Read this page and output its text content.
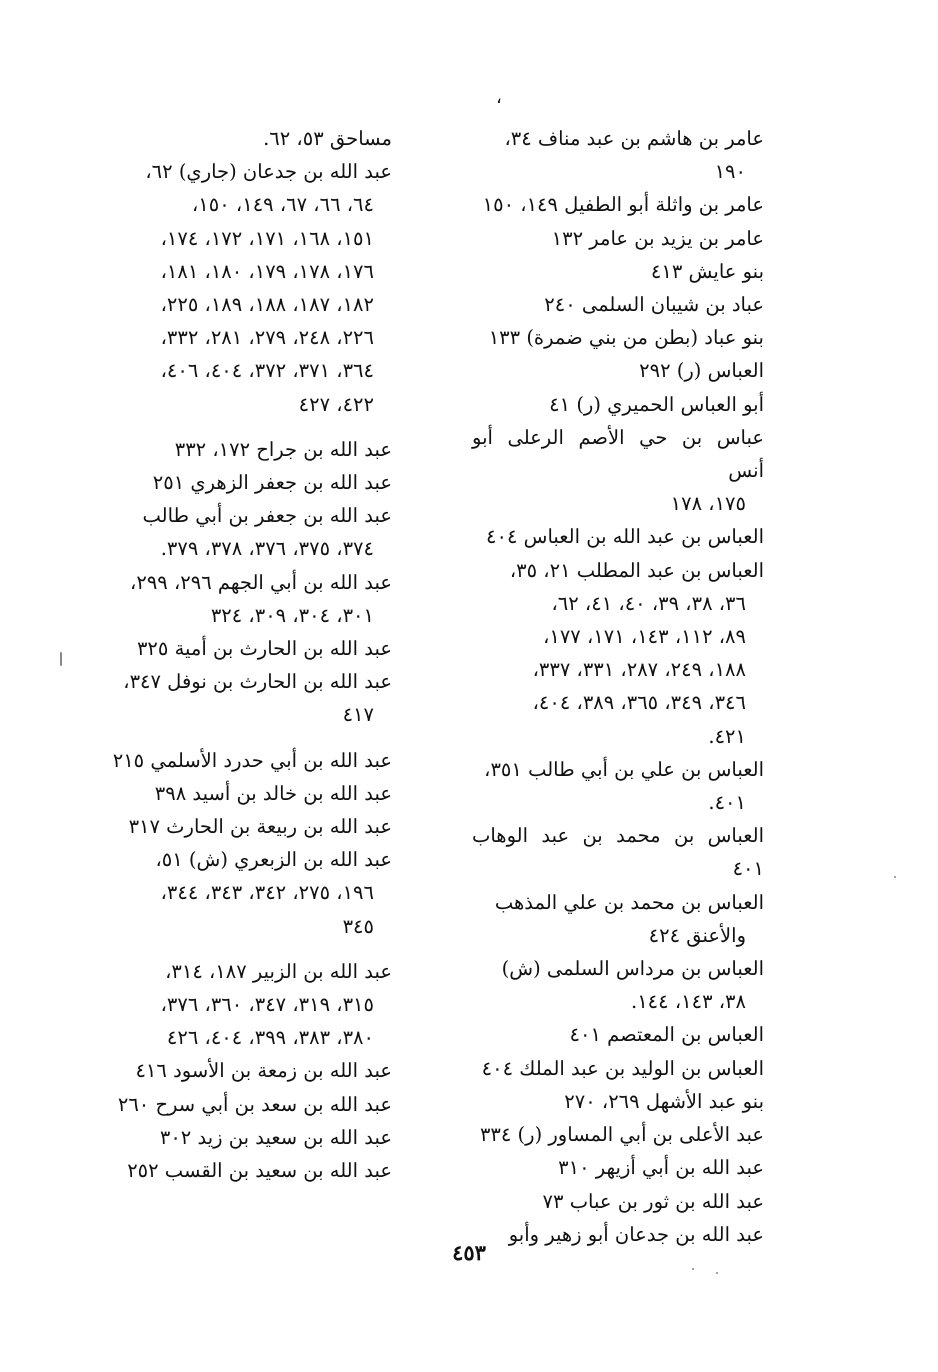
،
عامر بن هاشم بن عبد مناف ٣٤،
١٩٠
عامر بن واثلة أبو الطفيل ١٤٩، ١٥٠
عامر بن يزيد بن عامر ١٣٢
بنو عايش ٤١٣
عباد بن شيبان السلمى ٢٤٠
بنو عباد (بطن من بني ضمرة) ١٣٣
العباس (ر) ٢٩٢
أبو العباس الحميري (ر) ٤١
عباس بن حي الأصم الرعلى أبو أنس
١٧٥، ١٧٨
العباس بن عبد الله بن العباس ٤٠٤
العباس بن عبد المطلب ٢١، ٣٥،
٣٦، ٣٨، ٣٩، ٤٠، ٤١، ٦٢،
٨٩، ١١٢، ١٤٣، ١٧١، ١٧٧،
١٨٨، ٢٤٩، ٢٨٧، ٣٣١، ٣٣٧،
٣٤٦، ٣٤٩، ٣٦٥، ٣٨٩، ٤٠٤،
٤٢١.
العباس بن علي بن أبي طالب ٣٥١،
٤٠١.
العباس بن محمد بن عبد الوهاب ٤٠١
العباس بن محمد بن علي المذهب
والأعنق ٤٢٤
العباس بن مرداس السلمى (ش)
٣٨، ١٤٣، ١٤٤.
العباس بن المعتصم ٤٠١
العباس بن الوليد بن عبد الملك ٤٠٤
بنو عبد الأشهل ٢٦٩، ٢٧٠
عبد الأعلى بن أبي المساور (ر) ٣٣٤
عبد الله بن أبي أزيهر ٣١٠
عبد الله بن ثور بن عباب ٧٣
عبد الله بن جدعان أبو زهير وأبو
مساحق ٥٣، ٦٢.
عبد الله بن جدعان (جاري) ٦٢،
٦٤، ٦٦، ٦٧، ١٤٩، ١٥٠،
١٥١، ١٦٨، ١٧١، ١٧٢، ١٧٤،
١٧٦، ١٧٨، ١٧٩، ١٨٠، ١٨١،
١٨٢، ١٨٧، ١٨٨، ١٨٩، ٢٢٥،
٢٢٦، ٢٤٨، ٢٧٩، ٢٨١، ٣٣٢،
٣٦٤، ٣٧١، ٣٧٢، ٤٠٤، ٤٠٦،
٤٢٢، ٤٢٧
عبد الله بن جراح ١٧٢، ٣٣٢
عبد الله بن جعفر الزهري ٢٥١
عبد الله بن جعفر بن أبي طالب
٣٧٤، ٣٧٥، ٣٧٦، ٣٧٨، ٣٧٩.
عبد الله بن أبي الجهم ٢٩٦، ٢٩٩،
٣٠١، ٣٠٤، ٣٠٩، ٣٢٤
عبد الله بن الحارث بن أمية ٣٢٥
عبد الله بن الحارث بن نوفل ٣٤٧،
٤١٧
عبد الله بن أبي حدرد الأسلمي ٢١٥
عبد الله بن خالد بن أسيد ٣٩٨
عبد الله بن ربيعة بن الحارث ٣١٧
عبد الله بن الزبعري (ش) ٥١،
١٩٦، ٢٧٥، ٣٤٢، ٣٤٣، ٣٤٤،
٣٤٥
عبد الله بن الزبير ١٨٧، ٣١٤،
٣١٥، ٣١٩، ٣٤٧، ٣٦٠، ٣٧٦،
٣٨٠، ٣٨٣، ٣٩٩، ٤٠٤، ٤٢٦
عبد الله بن زمعة بن الأسود ٤١٦
عبد الله بن سعد بن أبي سرح ٢٦٠
عبد الله بن سعيد بن زيد ٣٠٢
عبد الله بن سعيد بن القسب ٢٥٢
٤٥٣
